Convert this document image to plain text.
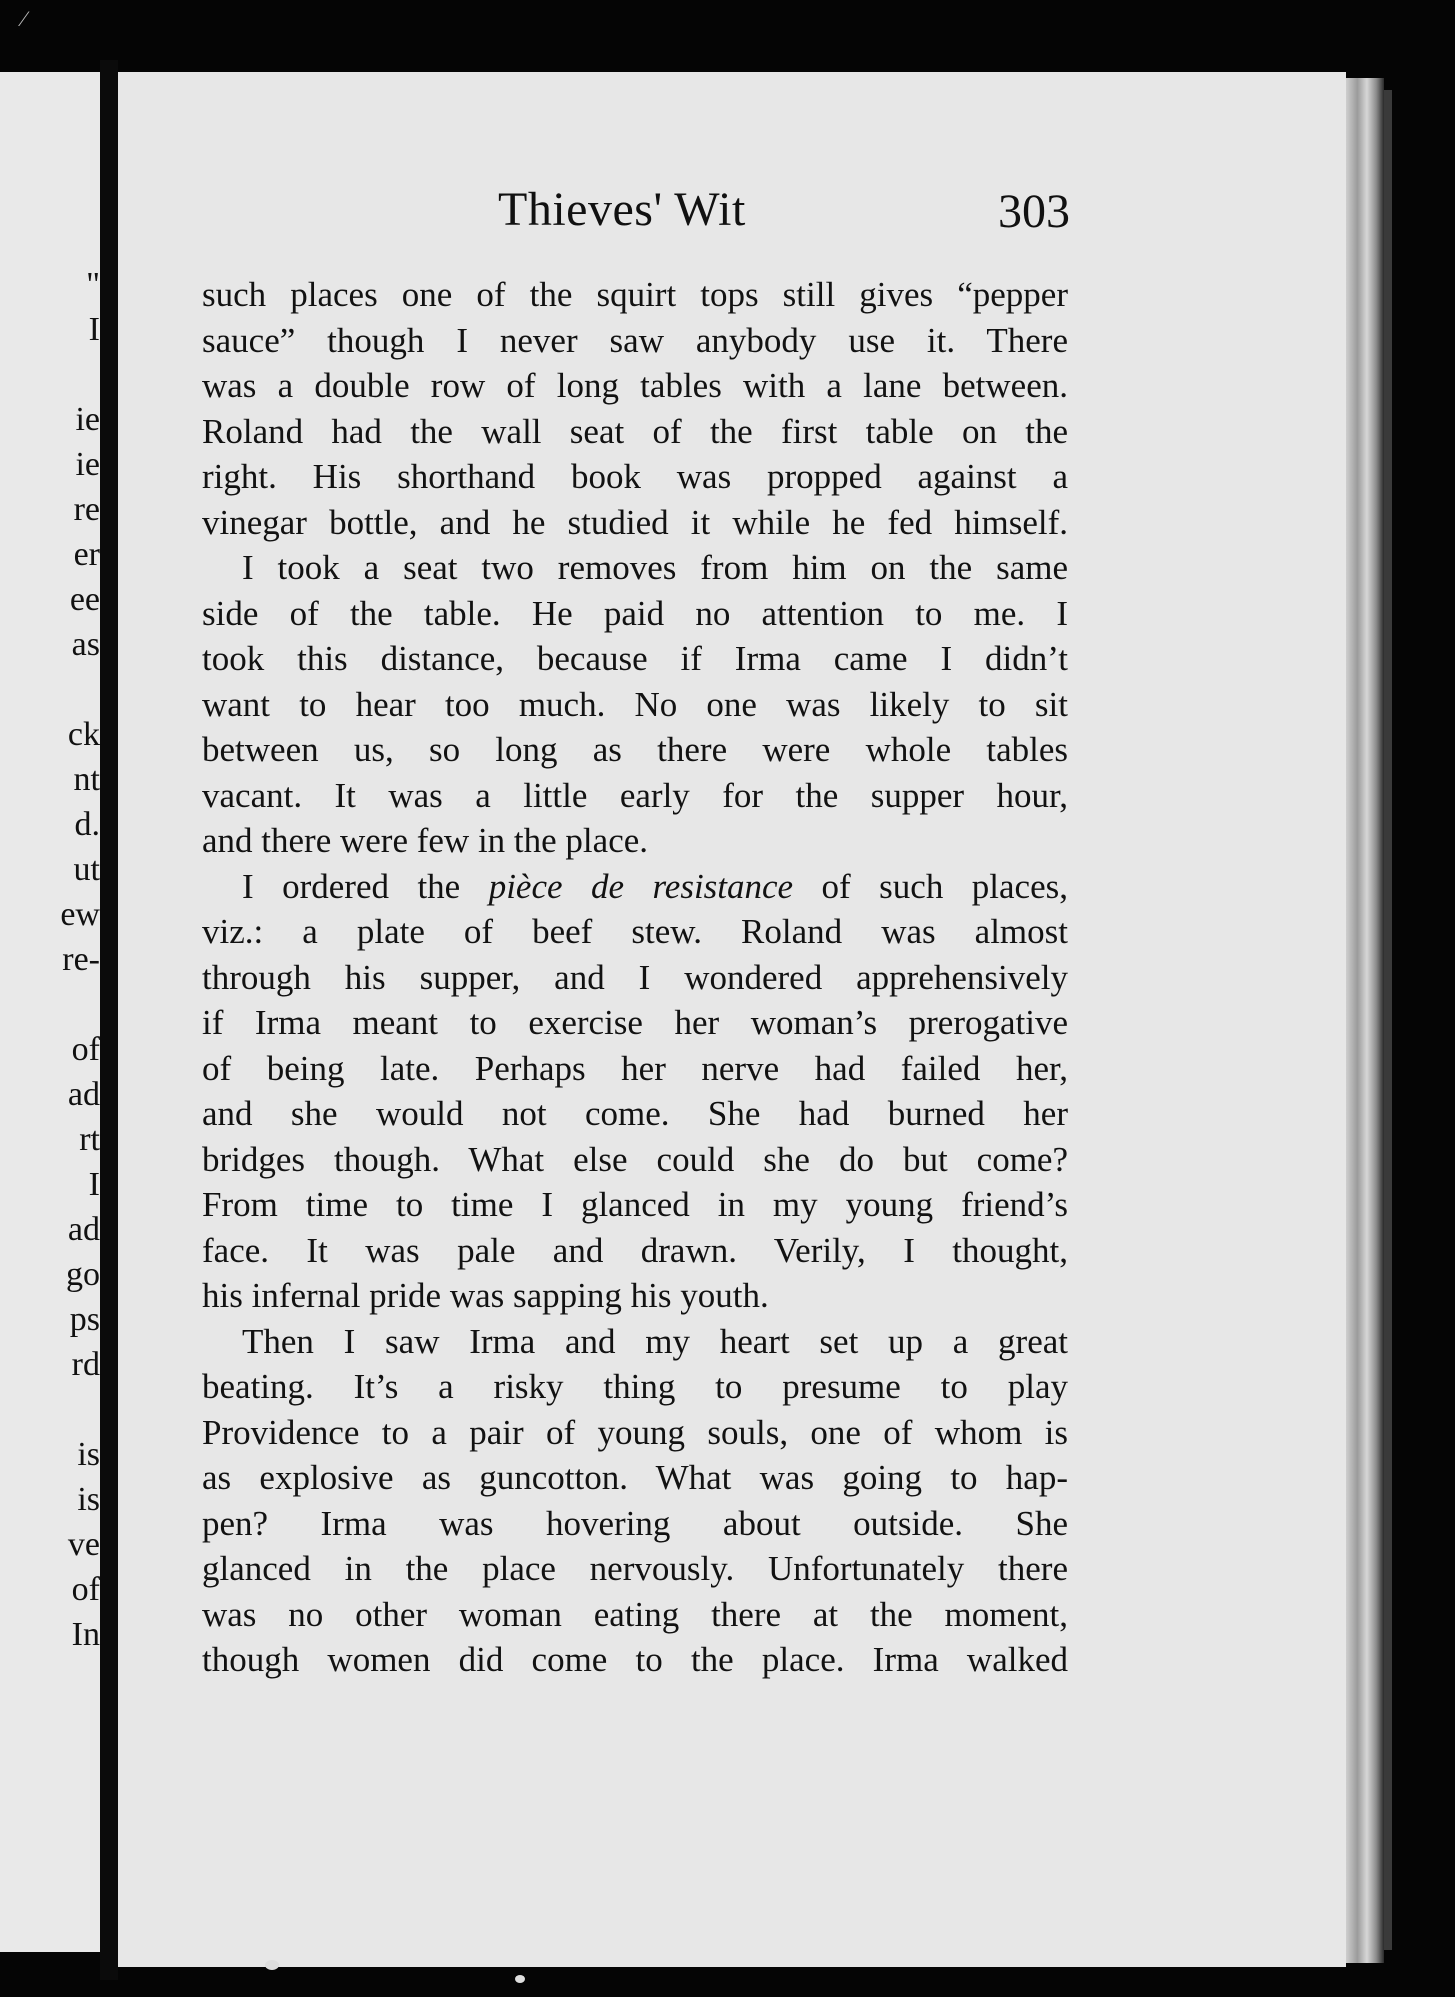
⁄
"
I
ie
ie
re
er
ee
as
ck
nt
d.
ut
ew
re-
of
ad
rt
I
ad
go
ps
rd
is
is
ve
of
In
Thieves' Wit	303
such places one of the squirt tops still gives “pepper
sauce” though I never saw anybody use it. There
was a double row of long tables with a lane between.
Roland had the wall seat of the first table on the
right. His shorthand book was propped against a
vinegar bottle, and he studied it while he fed himself.
I took a seat two removes from him on the same
side of the table. He paid no attention to me. I
took this distance, because if Irma came I didn’t
want to hear too much. No one was likely to sit
between us, so long as there were whole tables
vacant. It was a little early for the supper hour,
and there were few in the place.
I ordered the pièce de resistance of such places,
viz.: a plate of beef stew. Roland was almost
through his supper, and I wondered apprehensively
if Irma meant to exercise her woman’s prerogative
of being late. Perhaps her nerve had failed her,
and she would not come. She had burned her
bridges though. What else could she do but come?
From time to time I glanced in my young friend’s
face. It was pale and drawn. Verily, I thought,
his infernal pride was sapping his youth.
Then I saw Irma and my heart set up a great
beating. It’s a risky thing to presume to play
Providence to a pair of young souls, one of whom is
as explosive as guncotton. What was going to hap-
pen? Irma was hovering about outside. She
glanced in the place nervously. Unfortunately there
was no other woman eating there at the moment,
though women did come to the place. Irma walked
